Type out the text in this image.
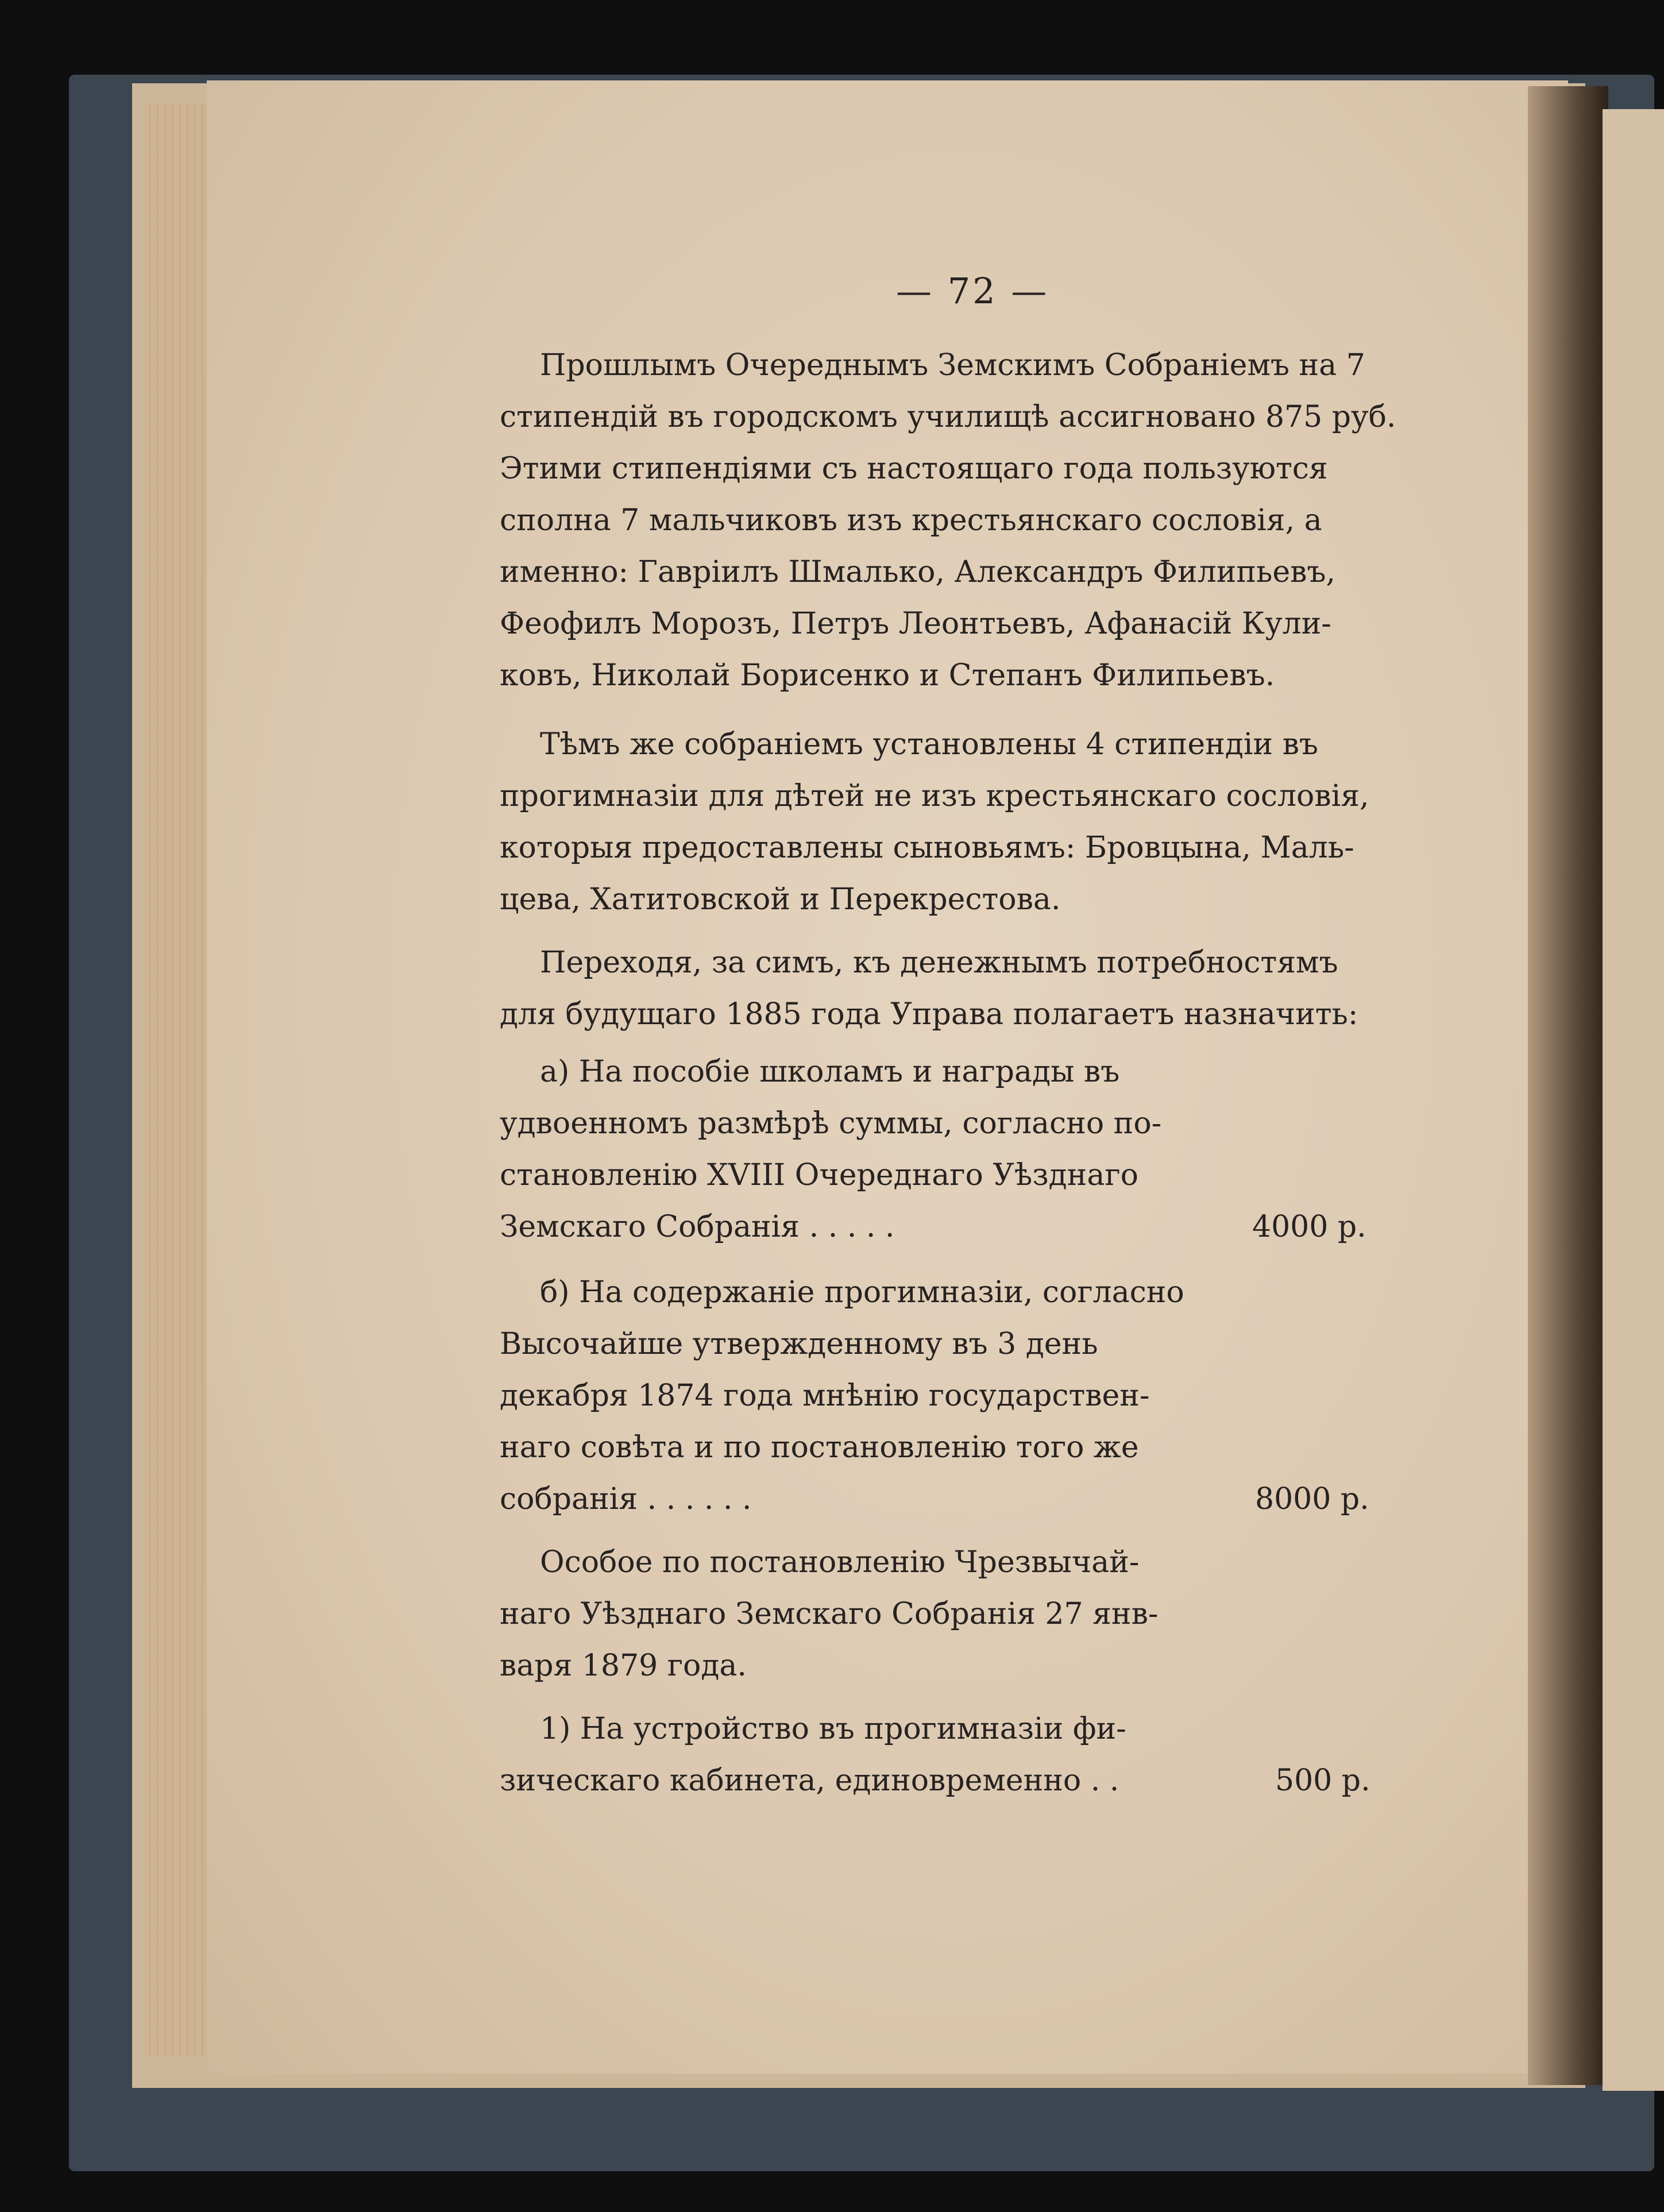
— 72 —
Прошлымъ Очереднымъ Земскимъ Собраніемъ на 7
стипендій въ городскомъ училищѣ ассигновано 875 руб.
Этими стипендіями съ настоящаго года пользуются
сполна 7 мальчиковъ изъ крестьянскаго сословія, а
именно: Гавріилъ Шмалько, Александръ Филипьевъ,
Феофилъ Морозъ, Петръ Леонтьевъ, Афанасій Кули-
ковъ, Николай Борисенко и Степанъ Филипьевъ.
Тѣмъ же собраніемъ установлены 4 стипендіи въ
прогимназіи для дѣтей не изъ крестьянскаго сословія,
которыя предоставлены сыновьямъ: Бровцына, Маль-
цева, Хатитовской и Перекрестова.
Переходя, за симъ, къ денежнымъ потребностямъ
для будущаго 1885 года Управа полагаетъ назначить:
а) На пособіе школамъ и награды въ
удвоенномъ размѣрѣ суммы, согласно по-
становленію XVIII Очереднаго Уѣзднаго
Земскаго Собранія . . . . .	4000 р.
б) На содержаніе прогимназіи, согласно
Высочайше утвержденному въ 3 день
декабря 1874 года мнѣнію государствен-
наго совѣта и по постановленію того же
собранія . . . . . .	8000 р.
Особое по постановленію Чрезвычай-
наго Уѣзднаго Земскаго Собранія 27 янв-
варя 1879 года.
1) На устройство въ прогимназіи фи-
зическаго кабинета, единовременно . .	500 р.
